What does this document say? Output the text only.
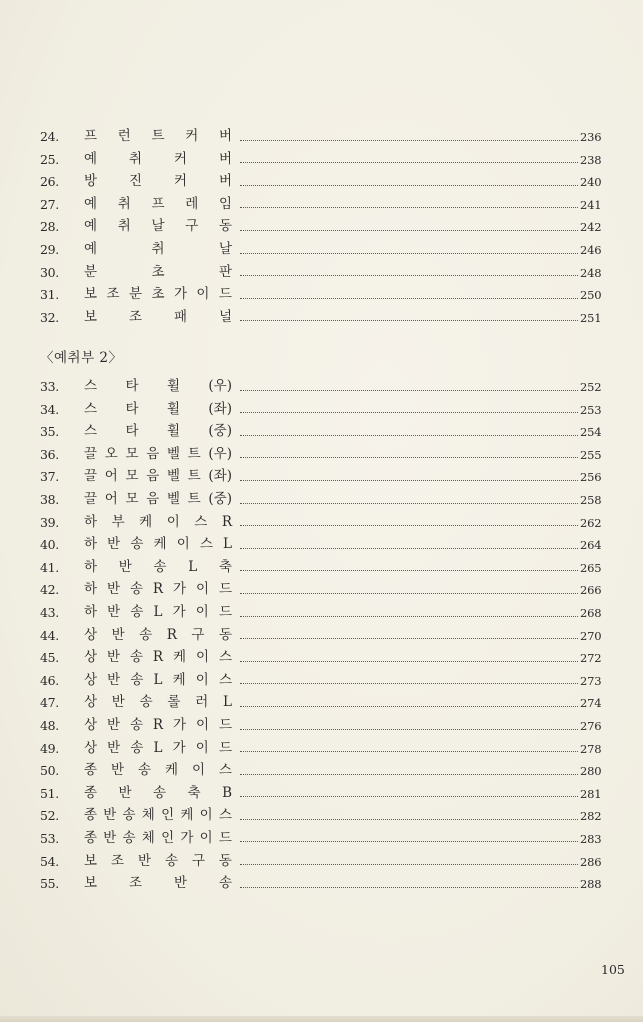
24.	프 런 트 커 버	236
25.	예 취 커 버	238
26.	방 진 커 버	240
27.	예 취 프 레 임	241
28.	예 취 날 구 동	242
29.	예	취	날	246
30.	분	초	판	248
31.	보 조 분 초 가 이 드	250
32.	보 조 패 널	251
〈예취부 2〉
33.	스 타 휠 (우)	252
34.	스 타 휠 (좌)	253
35.	스 타 휠 (중)	254
36.	끌 오 모 음 벨 트 (우)	255
37.	끌 어 모 음 벨 트 (좌)	256
38.	끌 어 모 음 벨 트 (중)	258
39.	하 부 케 이 스 R	262
40.	하 반 송 케 이 스 L	264
41.	하 반 송 L 축	265
42.	하 반 송 R 가 이 드	266
43.	하 반 송 L 가 이 드	268
44.	상 반 송 R 구 동	270
45.	상 반 송 R 케 이 스	272
46.	상 반 송 L 케 이 스	273
47.	상 반 송 롤 러 L	274
48.	상 반 송 R 가 이 드	276
49.	상 반 송 L 가 이 드	278
50.	종 반 송 케 이 스	280
51.	종 반 송 축 B	281
52.	종 반 송 체 인 케 이 스	282
53.	종 반 송 체 인 가 이 드	283
54.	보 조 반 송 구 동	286
55.	보 조 반 송	288
105
